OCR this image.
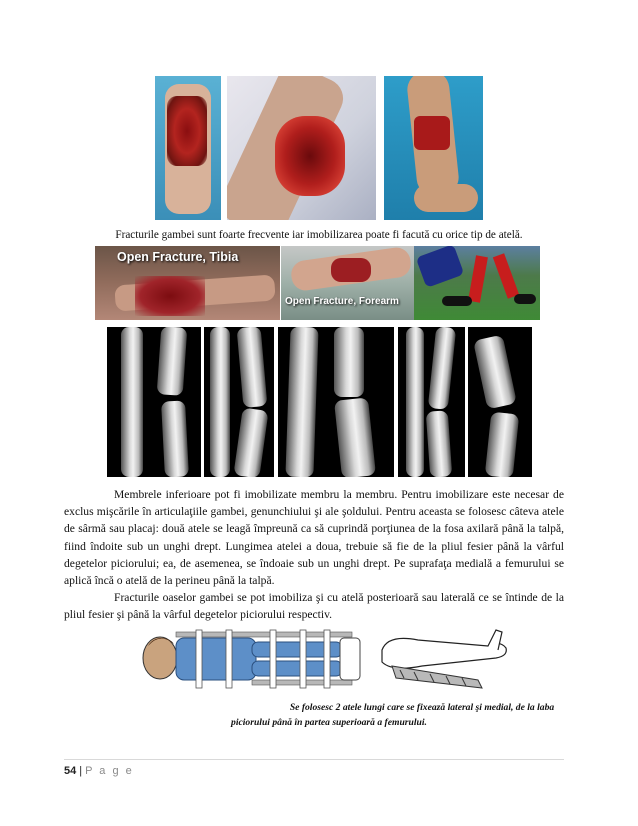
Fracturile gambei sunt foarte frecvente iar imobilizarea poate fi facută cu orice tip de atelă.
Open Fracture, Tibia
Open Fracture, Forearm

Membrele inferioare pot fi imobilizate membru la membru. Pentru imobilizare este necesar de exclus mişcările în articulaţiile gambei, genunchiului şi ale şoldului. Pentru aceasta se folosesc câteva atele de sârmă sau placaj: două atele se leagă împreună ca să cuprindă porţiunea de la fosa axilară până la talpă, fiind îndoite sub un unghi drept. Lungimea atelei a doua, trebuie să fie de la pliul fesier până la vârful degetelor piciorului; ea, de asemenea, se îndoaie sub un unghi drept. Pe suprafaţa medială a femurului se aplică încă o atelă de la perineu până la talpă.

Fracturile oaselor gambei se pot imobiliza şi cu atelă posterioară sau laterală ce se întinde de la pliul fesier şi până la vârful degetelor piciorului respectiv.

Se folosesc 2 atele lungi care se fixează lateral şi medial, de la laba
piciorului până în partea superioară a femurului.
54 | P a g e
